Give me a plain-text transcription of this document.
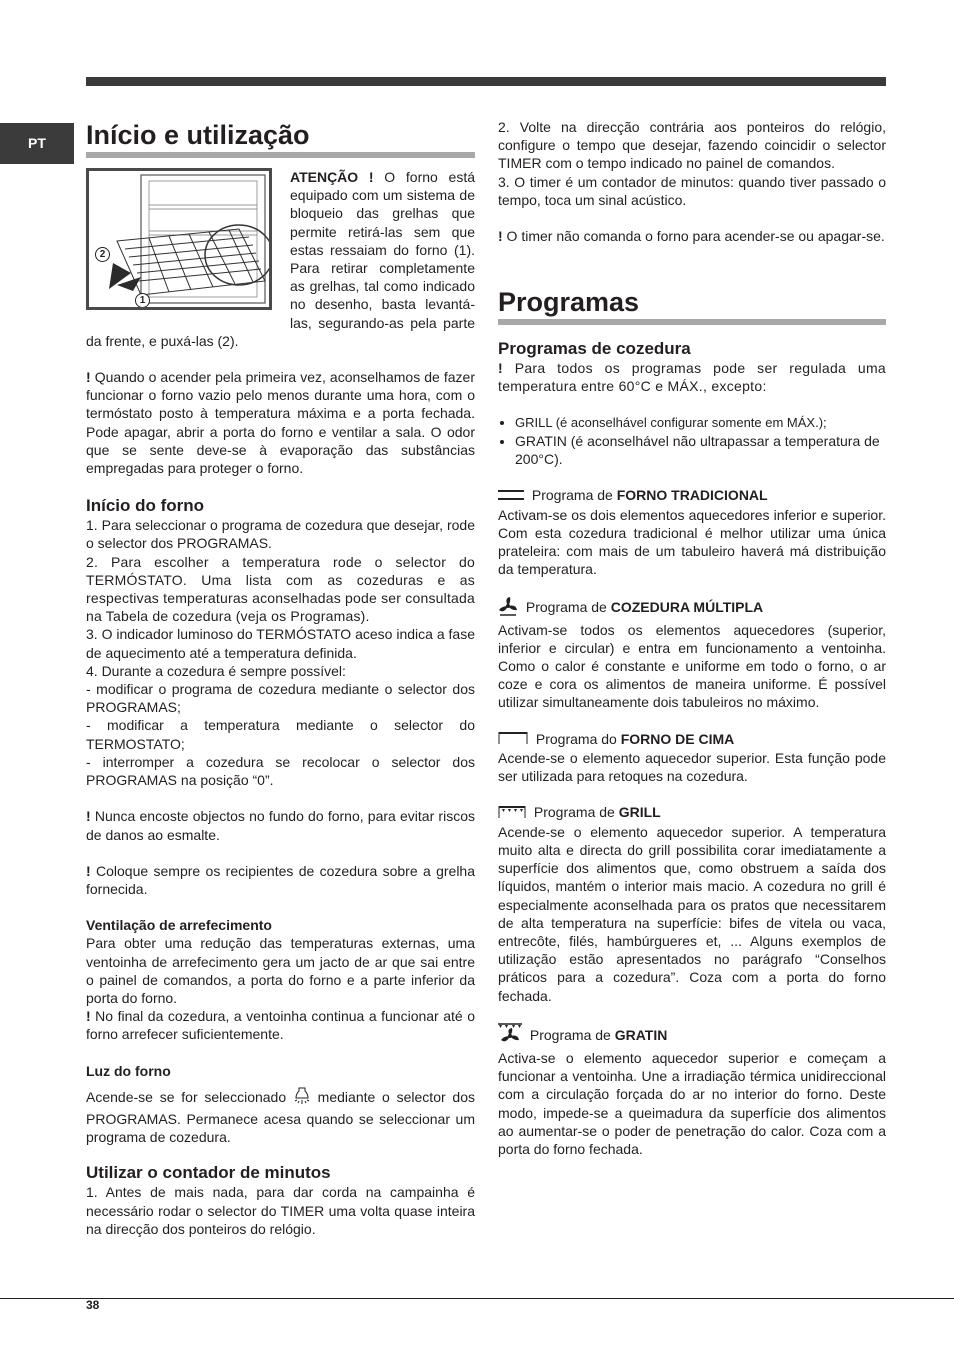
PT	Início e utilização
2
1

ATENÇÃO ! O forno está equipado com um sistema de bloqueio das grelhas que permite retirá-las sem que estas ressaiam do forno (1). Para retirar completamente as grelhas, tal como indicado no desenho, basta levantá-las, segurando-as pela parte da frente, e puxá-las (2).

! Quando o acender pela primeira vez, aconselhamos de fazer funcionar o forno vazio pelo menos durante uma hora, com o termóstato posto à temperatura máxima e a porta fechada. Pode apagar, abrir a porta do forno e ventilar a sala. O odor que se sente deve-se à evaporação das substâncias empregadas para proteger o forno.

Início do forno

1. Para seleccionar o programa de cozedura que desejar, rode o selector dos PROGRAMAS.

2. Para escolher a temperatura rode o selector do TERMÓSTATO. Uma lista com as cozeduras e as respectivas temperaturas aconselhadas pode ser consultada na Tabela de cozedura (veja os Programas).

3. O indicador luminoso do TERMÓSTATO aceso indica a fase de aquecimento até a temperatura definida.

4. Durante a cozedura é sempre possível:

- modificar o programa de cozedura mediante o selector dos PROGRAMAS;

- modificar a temperatura mediante o selector do TERMOSTATO;

- interromper a cozedura se recolocar o selector dos PROGRAMAS na posição “0”.

! Nunca encoste objectos no fundo do forno, para evitar riscos de danos ao esmalte.

! Coloque sempre os recipientes de cozedura sobre a grelha fornecida.

Ventilação de arrefecimento

Para obter uma redução das temperaturas externas, uma ventoinha de arrefecimento gera um jacto de ar que sai entre o painel de comandos, a porta do forno e a parte inferior da porta do forno.

! No final da cozedura, a ventoinha continua a funcionar até o forno arrefecer suficientemente.

Luz do forno

Acende-se se for seleccionado  mediante o selector dos PROGRAMAS. Permanece acesa quando se seleccionar um programa de cozedura.

Utilizar o contador de minutos

1. Antes de mais nada, para dar corda na campainha é necessário rodar o selector do TIMER uma volta quase inteira na direcção dos ponteiros do relógio.

2. Volte na direcção contrária aos ponteiros do relógio, configure o tempo que desejar, fazendo coincidir o selector TIMER com o tempo indicado no painel de comandos.

3. O timer é um contador de minutos: quando tiver passado o tempo, toca um sinal acústico.

! O timer não comanda o forno para acender-se ou apagar-se.

Programas
Programas de cozedura

! Para todos os programas pode ser regulada uma temperatura entre 60°C e MÁX., excepto:

• GRILL (é aconselhável configurar somente em MÁX.);
• GRATIN (é aconselhável não ultrapassar a temperatura de 200°C).
Programa de FORNO TRADICIONAL

Activam-se os dois elementos aquecedores inferior e superior. Com esta cozedura tradicional é melhor utilizar uma única prateleira: com mais de um tabuleiro haverá má distribuição da temperatura.

Programa de COZEDURA MÚLTIPLA

Activam-se todos os elementos aquecedores (superior, inferior e circular) e entra em funcionamento a ventoinha. Como o calor é constante e uniforme em todo o forno, o ar coze e cora os alimentos de maneira uniforme. É possível utilizar simultaneamente dois tabuleiros no máximo.

Programa do FORNO DE CIMA

Acende-se o elemento aquecedor superior. Esta função pode ser utilizada para retoques na cozedura.

Programa de GRILL

Acende-se o elemento aquecedor superior. A temperatura muito alta e directa do grill possibilita corar imediatamente a superfície dos alimentos que, como obstruem a saída dos líquidos, mantém o interior mais macio. A cozedura no grill é especialmente aconselhada para os pratos que necessitarem de alta temperatura na superfície: bifes de vitela ou vaca, entrecôte, filés, hambúrgueres et, ... Alguns exemplos de utilização estão apresentados no parágrafo “Conselhos práticos para a cozedura”. Coza com a porta do forno fechada.

Programa de GRATIN

Activa-se o elemento aquecedor superior e começam a funcionar a ventoinha. Une a irradiação térmica unidireccional com a circulação forçada do ar no interior do forno. Deste modo, impede-se a queimadura da superfície dos alimentos ao aumentar-se o poder de penetração do calor. Coza com a porta do forno fechada.

38
